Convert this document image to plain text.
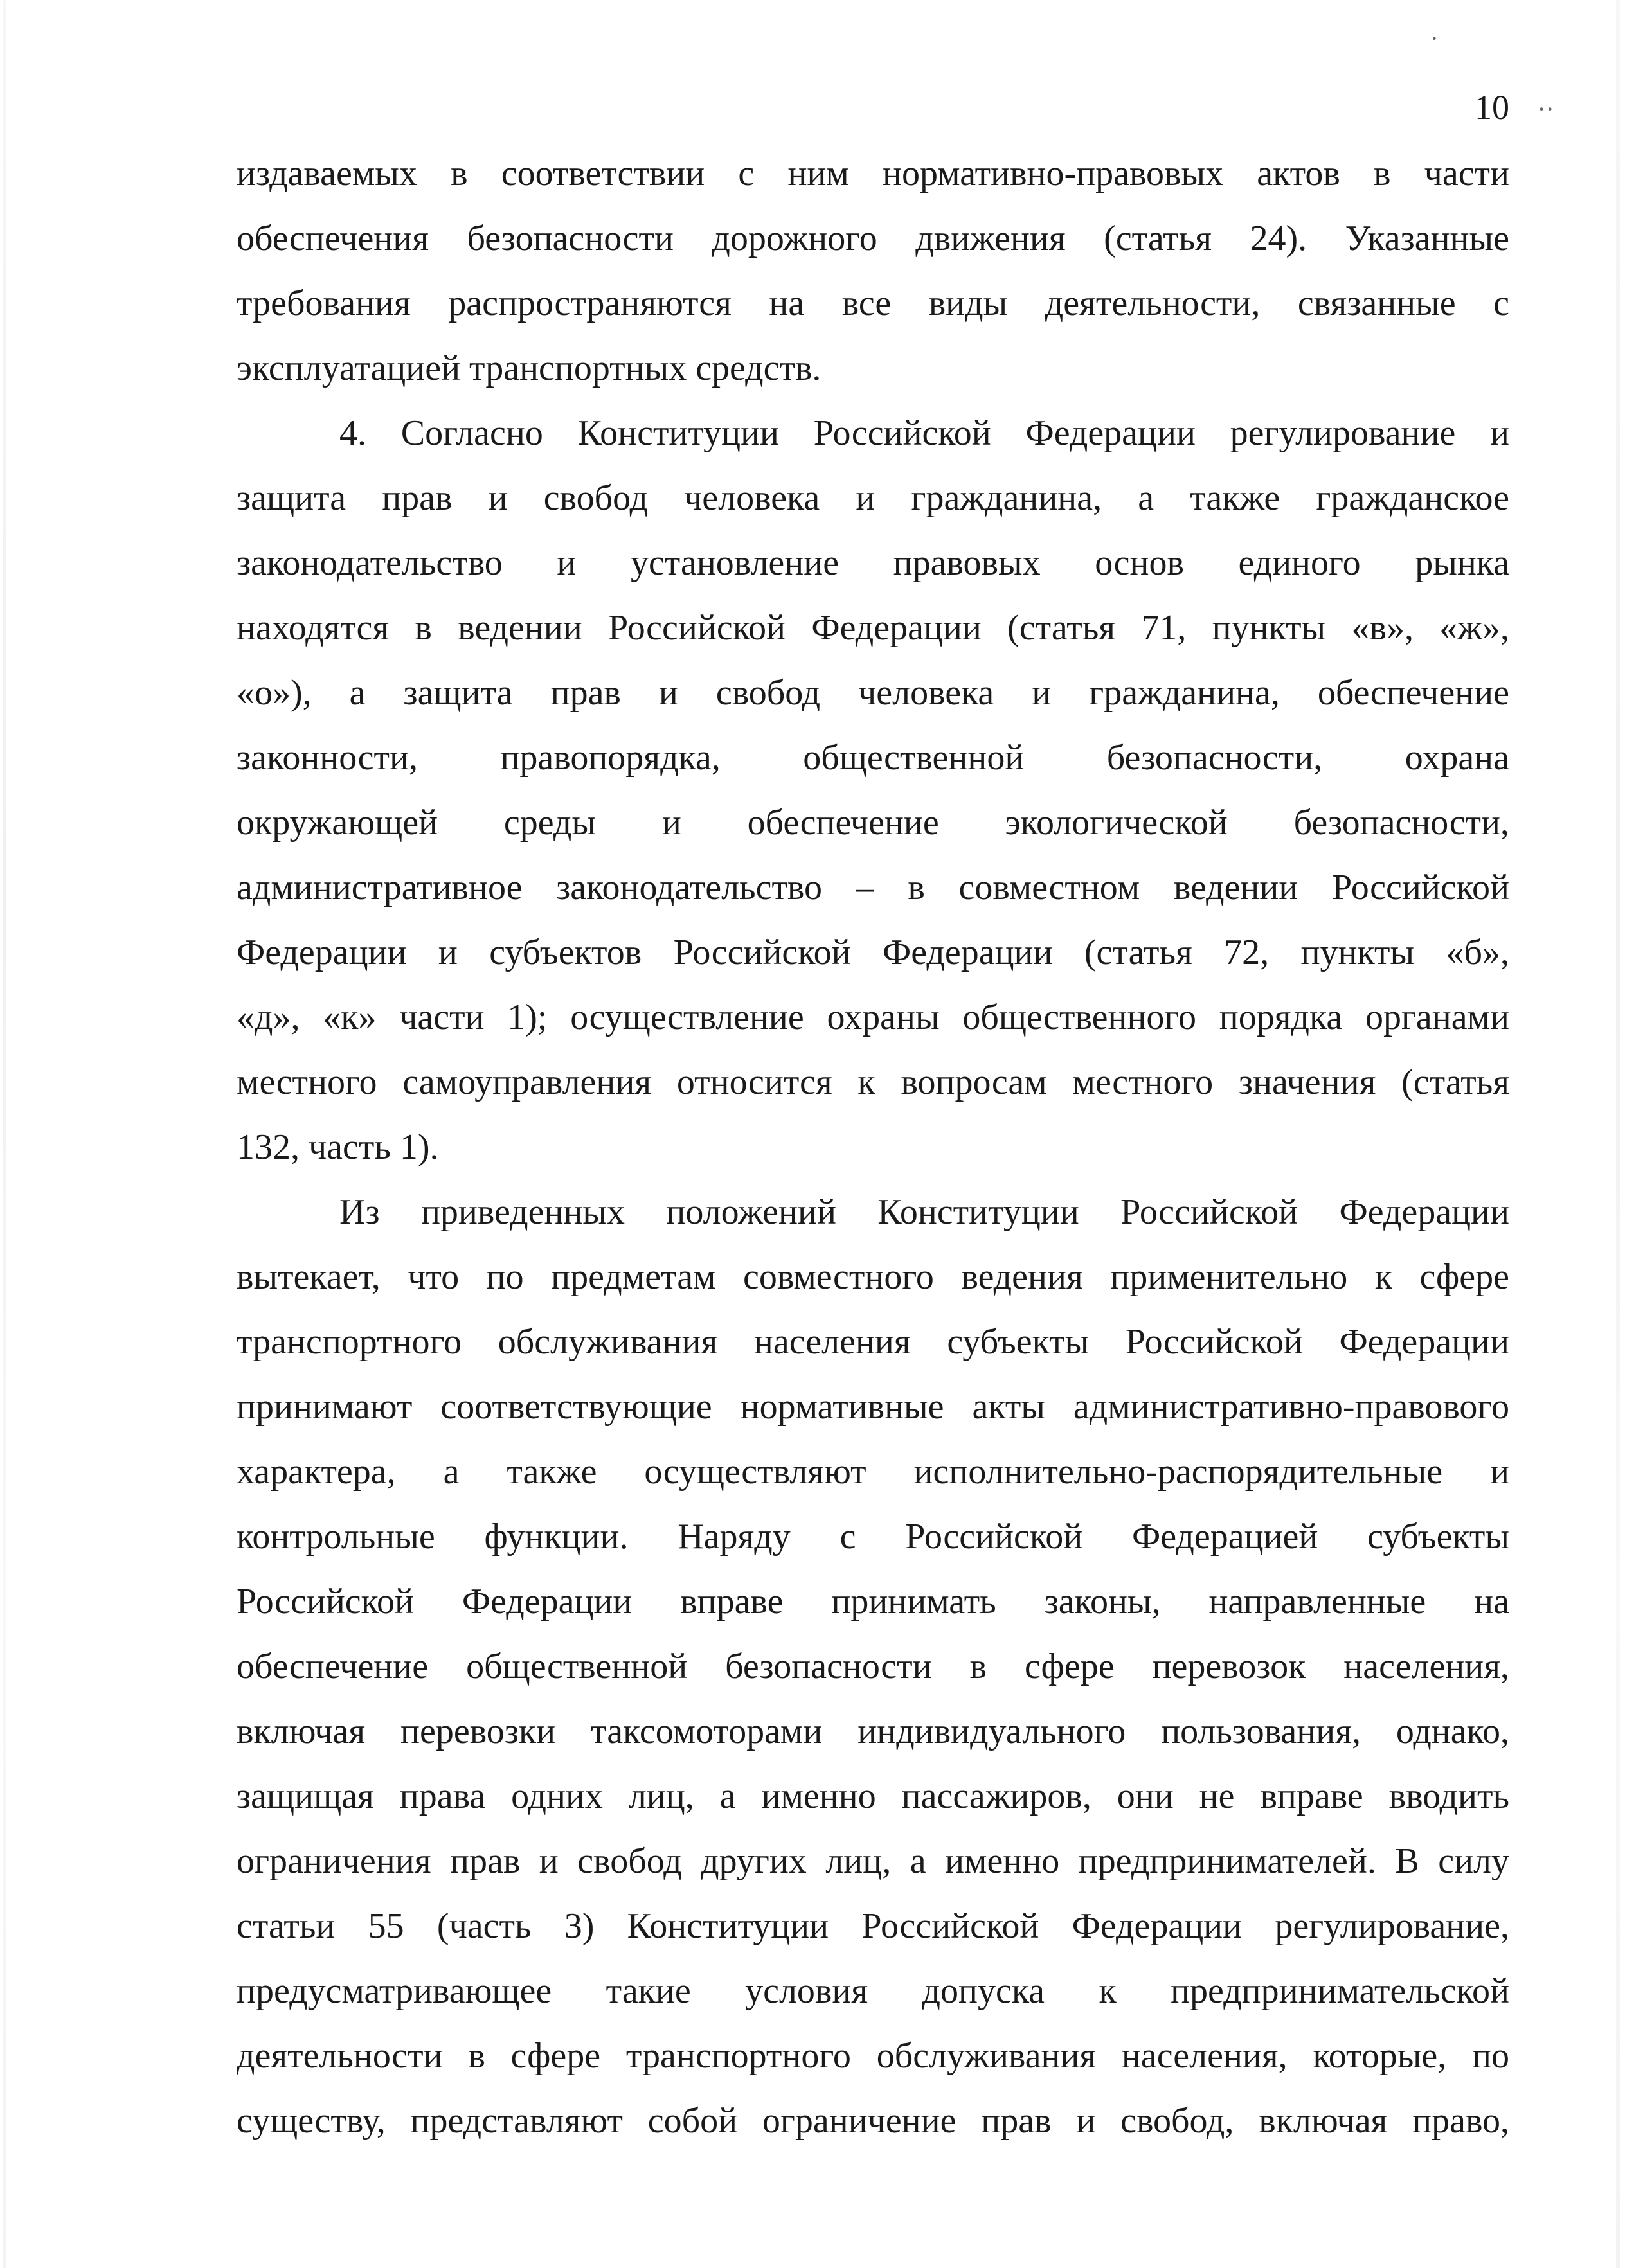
·
··
10
издаваемых в соответствии с ним нормативно-правовых актов в части
обеспечения безопасности дорожного движения (статья 24). Указанные
требования распространяются на все виды деятельности, связанные с
эксплуатацией транспортных средств.
4. Согласно Конституции Российской Федерации регулирование и
защита прав и свобод человека и гражданина, а также гражданское
законодательство и установление правовых основ единого рынка
находятся в ведении Российской Федерации (статья 71, пункты «в», «ж»,
«о»), а защита прав и свобод человека и гражданина, обеспечение
законности, правопорядка, общественной безопасности, охрана
окружающей среды и обеспечение экологической безопасности,
административное законодательство – в совместном ведении Российской
Федерации и субъектов Российской Федерации (статья 72, пункты «б»,
«д», «к» части 1); осуществление охраны общественного порядка органами
местного самоуправления относится к вопросам местного значения (статья
132, часть 1).
Из приведенных положений Конституции Российской Федерации
вытекает, что по предметам совместного ведения применительно к сфере
транспортного обслуживания населения субъекты Российской Федерации
принимают соответствующие нормативные акты административно-правового
характера, а также осуществляют исполнительно-распорядительные и
контрольные функции. Наряду с Российской Федерацией субъекты
Российской Федерации вправе принимать законы, направленные на
обеспечение общественной безопасности в сфере перевозок населения,
включая перевозки таксомоторами индивидуального пользования, однако,
защищая права одних лиц, а именно пассажиров, они не вправе вводить
ограничения прав и свобод других лиц, а именно предпринимателей. В силу
статьи 55 (часть 3) Конституции Российской Федерации регулирование,
предусматривающее такие условия допуска к предпринимательской
деятельности в сфере транспортного обслуживания населения, которые, по
существу, представляют собой ограничение прав и свобод, включая право,
